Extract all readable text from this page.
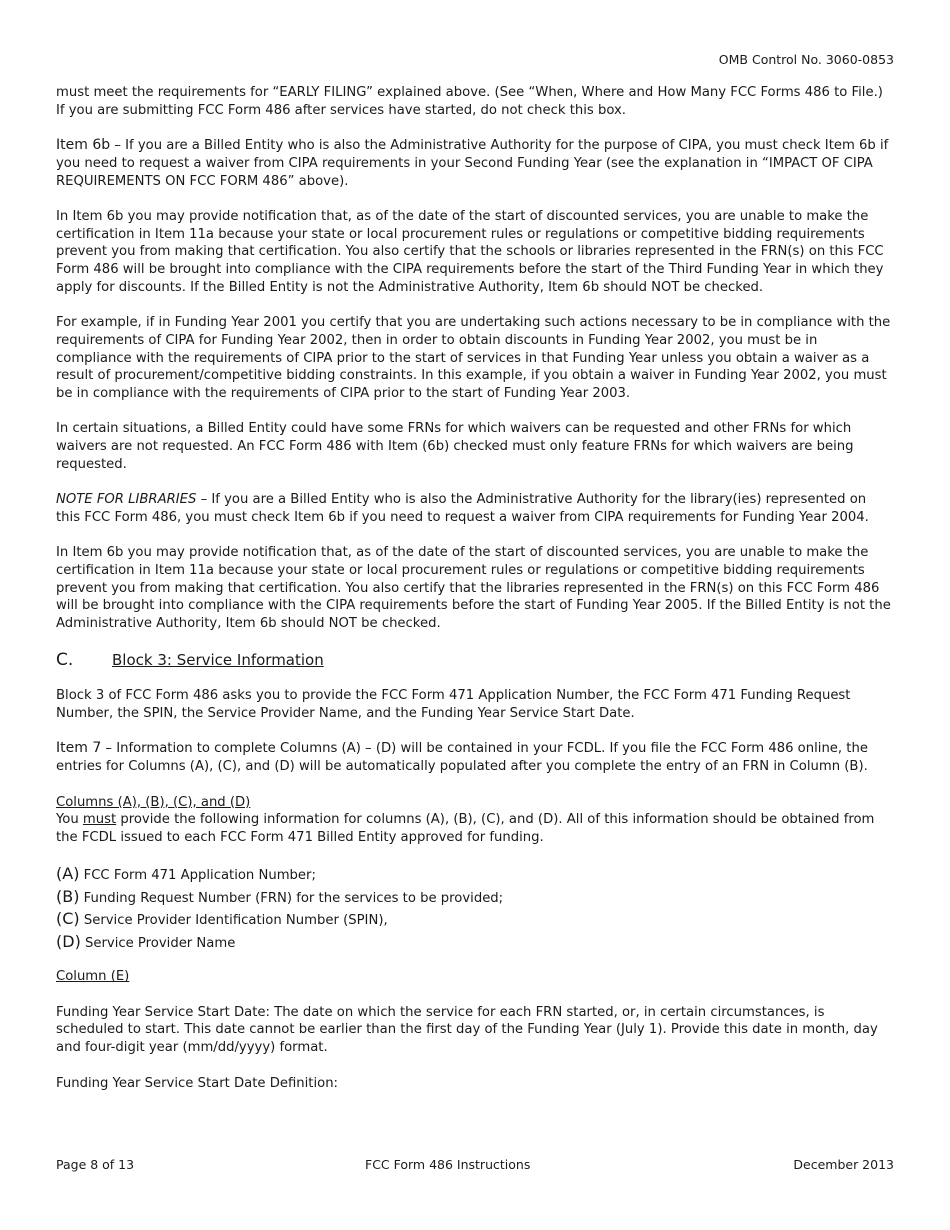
OMB Control No. 3060-0853

must meet the requirements for “EARLY FILING” explained above. (See “When, Where and How Many FCC Forms 486 to File.) If you are submitting FCC Form 486 after services have started, do not check this box.

Item 6b – If you are a Billed Entity who is also the Administrative Authority for the purpose of CIPA, you must check Item 6b if you need to request a waiver from CIPA requirements in your Second Funding Year (see the explanation in “IMPACT OF CIPA REQUIREMENTS ON FCC FORM 486” above).

In Item 6b you may provide notification that, as of the date of the start of discounted services, you are unable to make the certification in Item 11a because your state or local procurement rules or regulations or competitive bidding requirements prevent you from making that certification. You also certify that the schools or libraries represented in the FRN(s) on this FCC Form 486 will be brought into compliance with the CIPA requirements before the start of the Third Funding Year in which they apply for discounts. If the Billed Entity is not the Administrative Authority, Item 6b should NOT be checked.

For example, if in Funding Year 2001 you certify that you are undertaking such actions necessary to be in compliance with the requirements of CIPA for Funding Year 2002, then in order to obtain discounts in Funding Year 2002, you must be in compliance with the requirements of CIPA prior to the start of services in that Funding Year unless you obtain a waiver as a result of procurement/competitive bidding constraints. In this example, if you obtain a waiver in Funding Year 2002, you must be in compliance with the requirements of CIPA prior to the start of Funding Year 2003.

In certain situations, a Billed Entity could have some FRNs for which waivers can be requested and other FRNs for which waivers are not requested. An FCC Form 486 with Item (6b) checked must only feature FRNs for which waivers are being requested.

NOTE FOR LIBRARIES – If you are a Billed Entity who is also the Administrative Authority for the library(ies) represented on this FCC Form 486, you must check Item 6b if you need to request a waiver from CIPA requirements for Funding Year 2004.

In Item 6b you may provide notification that, as of the date of the start of discounted services, you are unable to make the certification in Item 11a because your state or local procurement rules or regulations or competitive bidding requirements prevent you from making that certification. You also certify that the libraries represented in the FRN(s) on this FCC Form 486 will be brought into compliance with the CIPA requirements before the start of Funding Year 2005. If the Billed Entity is not the Administrative Authority, Item 6b should NOT be checked.

C.	Block 3: Service Information

Block 3 of FCC Form 486 asks you to provide the FCC Form 471 Application Number, the FCC Form 471 Funding Request Number, the SPIN, the Service Provider Name, and the Funding Year Service Start Date.

Item 7 – Information to complete Columns (A) – (D) will be contained in your FCDL. If you file the FCC Form 486 online, the entries for Columns (A), (C), and (D) will be automatically populated after you complete the entry of an FRN in Column (B).

Columns (A), (B), (C), and (D)

You must provide the following information for columns (A), (B), (C), and (D). All of this information should be obtained from the FCDL issued to each FCC Form 471 Billed Entity approved for funding.

(A) FCC Form 471 Application Number;
(B) Funding Request Number (FRN) for the services to be provided;
(C) Service Provider Identification Number (SPIN),
(D) Service Provider Name

Column (E)

Funding Year Service Start Date: The date on which the service for each FRN started, or, in certain circumstances, is scheduled to start. This date cannot be earlier than the first day of the Funding Year (July 1). Provide this date in month, day and four-digit year (mm/dd/yyyy) format.

Funding Year Service Start Date Definition:

Page 8 of 13	FCC Form 486 Instructions	December 2013
